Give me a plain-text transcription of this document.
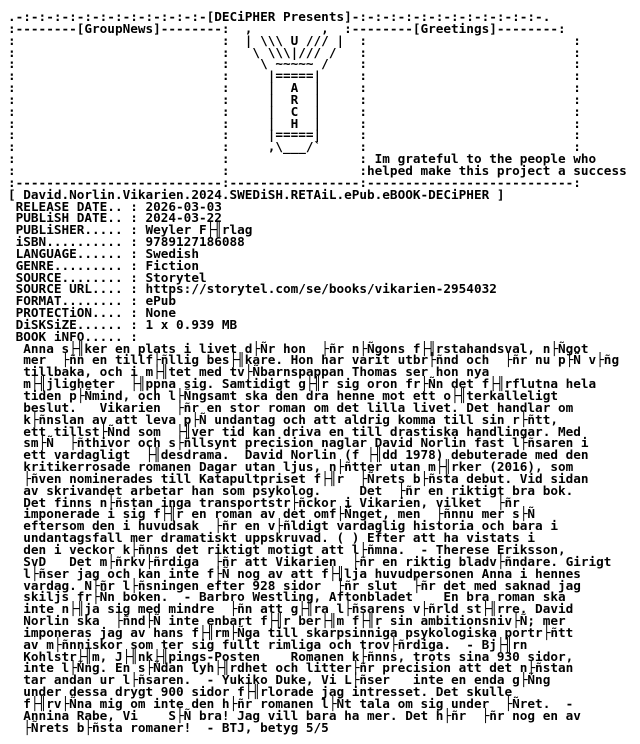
.-:-:-:-:-:-:-:-:-:-:-:-:-[DECiPHER Presents]-:-:-:-:-:-:-:-:-:-:-:-:-.
:--------[GroupNews]--------:  ,         ,  :--------[Greetings]--------:
:                           :  | \\\ U /// |  :                           :
:                           :   \ \\\|/// /   :                           :
:                           :    \ ~~~~~ /    :                           :
:                           :     |=====|     :                           :
:                           :     |  A  |     :                           :
:                           :     |  R  |     :                           :
:                           :     |  C  |     :                           :
:                           :     |  H  |     :                           :
:                           :     |=====|     :                           :
:                           :     ,\___/`     :                           :
:                           :                 : Im grateful to the people who
:                           :                 :helped make this project a success
:---------------------------:-----------------:---------------------------:
[ David.Norlin.Vikarien.2024.SWEDiSH.RETAiL.ePub.eBOOK-DECiPHER ]
RELEASE DATE.. : 2026-03-03
PUBLiSH DATE.. : 2024-03-22
PUBLiSHER..... : Weyler F├╢rlag
iSBN.......... : 9789127186088
LANGUAGE...... : Swedish
GENRE......... : Fiction
SOURCE........ : Storytel
SOURCE URL.... : https://storytel.com/se/books/vikarien-2954032
FORMAT........ : ePub
PROTECTiON.... : None
DiSKSiZE...... : 1 x 0.939 MB
BOOK iNFO..... :
Anna s├╢ker en plats i livet d├Ñr hon  ├ñr n├Ñgons f├╢rstahandsval, n├Ñgot
mer  ├ñn en tillf├ñllig bes├╢kare. Hon har varit utbr├ñnd och  ├ñr nu p├Ñ v├ñg
tillbaka, och i m├╢tet med tv├Ñbarnspappan Thomas ser hon nya
m├╢jligheter  ├╢ppna sig. Samtidigt g├╢r sig oron fr├Ñn det f├╢rflutna hela
tiden p├Ñmind, och l├Ñngsamt ska den dra henne mot ett o├╢terkalleligt
beslut.   Vikarien  ├ñr en stor roman om det lilla livet. Det handlar om
k├ñnslan av att leva p├Ñ undantag och att aldrig komma till sin r├ñtt,
ett tillst├Ñnd som  ├╢ver tid kan driva en till drastiska handlingar. Med
sm├Ñ  ├ñthivor och s├ñllsynt precision naglar David Norlin fast l├ñsaren i
ett vardagligt  ├╢desdrama.  David Norlin (f ├╢dd 1978) debuterade med den
kritikerrosade romanen Dagar utan ljus, n├ñtter utan m├╢rker (2016), som
├ñven nominerades till Katapultpriset f├╢r  ├Ñrets b├ñsta debut. Vid sidan
av skrivandet arbetar han som psykolog.     Det  ├ñr en riktigt bra bok.
Det finns n├ñstan inga transportstr├ñckor i Vikarien, vilket  ├ñr
imponerade i sig f├╢r en roman av det omf├Ñnget, men  ├ñnnu mer s├Ñ
eftersom den i huvudsak  ├ñr en v├ñldigt vardaglig historia och bara i
undantagsfall mer dramatiskt uppskruvad. ( ) Efter att ha vistats i
den i veckor k├ñnns det riktigt motigt att l├ñmna.  - Therese Eriksson,
SvD   Det m├ñrkv├ñrdiga  ├ñr att Vikarien  ├ñr en riktig bladv├ñndare. Girigt
l├ñser jag och kan inte f├Ñ nog av att f├╢lja huvudpersonen Anna i hennes
vardag. N├ñr l├ñsningen efter 928 sidor  ├ñr slut  ├ñr det med saknad jag
skiljs fr├Ñn boken.  - Barbro Westling, Aftonbladet    En bra roman ska
inte n├╢ja sig med mindre  ├ñn att g├╢ra l├ñsarens v├ñrld st├╢rre. David
Norlin ska  ├ñnd├Ñ inte enbart f├╢r ber├╢m f├╢r sin ambitionsniv├Ñ; mer
imponeras jag av hans f├╢rm├Ñga till skarpsinniga psykologiska portr├ñtt
av m├ñnniskor som ter sig fullt rimliga och trov├ñrdiga.  - Bj├╢rn
Kohlstr├╢m, J├╢nk├╢pings-Posten    Romanen k├ñnns, trots sina 930 sidor,
inte l├Ñng. En s├Ñdan lyh├╢rdhet och litter├ñr precision att det n├ñstan
tar andan ur l├ñsaren.  - Yukiko Duke, Vi L├ñser   inte en enda g├Ñng
under dessa drygt 900 sidor f├╢rlorade jag intresset. Det skulle
f├╢rv├Ñna mig om inte den h├ñr romanen l├Ñt tala om sig under  ├Ñret.  -
Annina Rabe, Vi    S├Ñ bra! Jag vill bara ha mer. Det h├ñr  ├ñr nog en av
├Ñrets b├ñsta romaner!  - BTJ, betyg 5/5
